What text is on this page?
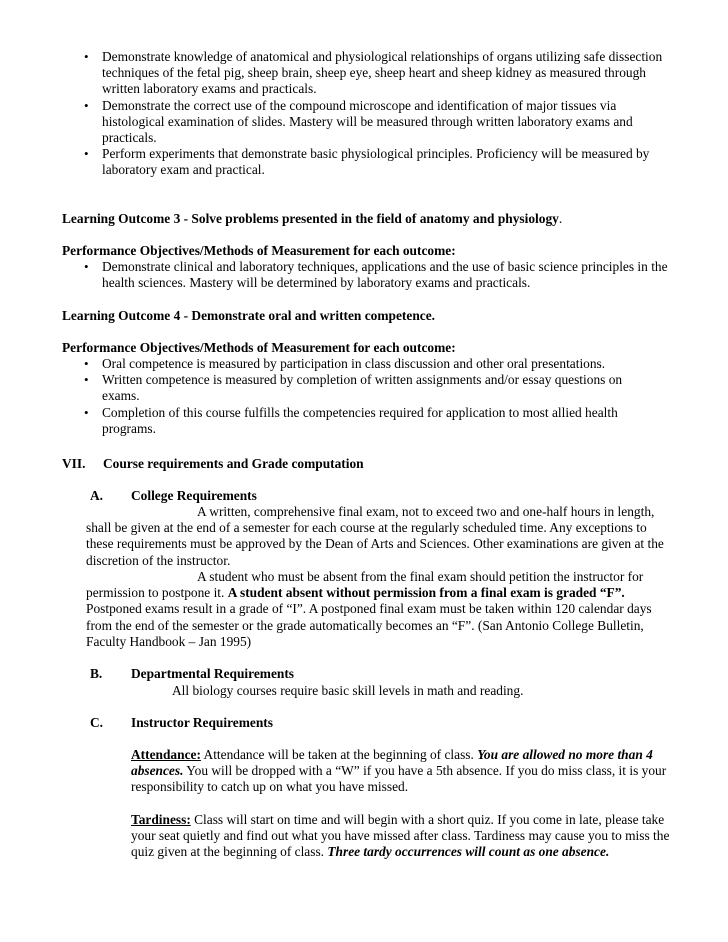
• Demonstrate knowledge of anatomical and physiological relationships of organs utilizing safe dissection techniques of the fetal pig, sheep brain, sheep eye, sheep heart and sheep kidney as measured through written laboratory exams and practicals.
• Demonstrate the correct use of the compound microscope and identification of major tissues via histological examination of slides. Mastery will be measured through written laboratory exams and practicals.
• Perform experiments that demonstrate basic physiological principles. Proficiency will be measured by laboratory exam and practical.

Learning Outcome 3 - Solve problems presented in the field of anatomy and physiology.

Performance Objectives/Methods of Measurement for each outcome:

• Demonstrate clinical and laboratory techniques, applications and the use of basic science principles in the health sciences. Mastery will be determined by laboratory exams and practicals.

Learning Outcome 4 - Demonstrate oral and written competence.

Performance Objectives/Methods of Measurement for each outcome:

• Oral competence is measured by participation in class discussion and other oral presentations.
• Written competence is measured by completion of written assignments and/or essay questions on exams.
• Completion of this course fulfills the competencies required for application to most allied health programs.
VII. Course requirements and Grade computation
A. College Requirements

A written, comprehensive final exam, not to exceed two and one-half hours in length, shall be given at the end of a semester for each course at the regularly scheduled time. Any exceptions to these requirements must be approved by the Dean of Arts and Sciences. Other examinations are given at the discretion of the instructor.

A student who must be absent from the final exam should petition the instructor for permission to postpone it. A student absent without permission from a final exam is graded “F”. Postponed exams result in a grade of “I”. A postponed final exam must be taken within 120 calendar days from the end of the semester or the grade automatically becomes an “F”. (San Antonio College Bulletin, Faculty Handbook – Jan 1995)

B. Departmental Requirements

All biology courses require basic skill levels in math and reading.

C. Instructor Requirements

Attendance: Attendance will be taken at the beginning of class. You are allowed no more than 4 absences. You will be dropped with a “W” if you have a 5th absence. If you do miss class, it is your responsibility to catch up on what you have missed.

Tardiness: Class will start on time and will begin with a short quiz. If you come in late, please take your seat quietly and find out what you have missed after class. Tardiness may cause you to miss the quiz given at the beginning of class. Three tardy occurrences will count as one absence.
